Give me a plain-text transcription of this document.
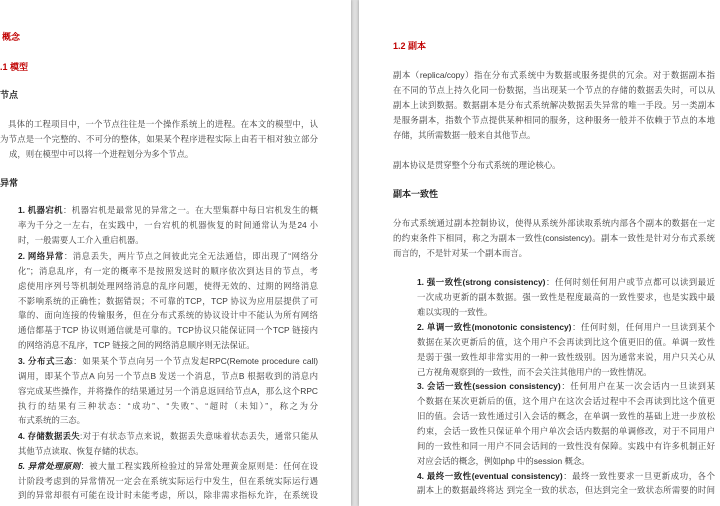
概念
.1 模型
节点
具体的工程项目中，一个节点往往是一个操作系统上的进程。在本文的模型中，认
为节点是一个完整的、不可分的整体，如果某个程序进程实际上由若干相对独立部分
成，则在模型中可以将一个进程划分为多个节点。
异常
1. 机器宕机：机器宕机是最常见的异常之一。在大型集群中每日宕机发生的概
率为千分之一左右，在实践中，一台宕机的机器恢复的时间通常认为是24 小
时，一般需要人工介入重启机器。
2. 网络异常：消息丢失，两片节点之间彼此完全无法通信，即出现了“网络分
化”；消息乱序，有一定的概率不是按照发送时的顺序依次到达目的节点，考
虑使用序列号等机制处理网络消息的乱序问题，使得无效的、过期的网络消息
不影响系统的正确性；数据错误；不可靠的TCP，TCP 协议为应用层提供了可
靠的、面向连接的传输服务，但在分布式系统的协议设计中不能认为所有网络
通信都基于TCP 协议则通信就是可靠的。TCP协议只能保证同一个TCP 链接内
的网络消息不乱序，TCP 链接之间的网络消息顺序则无法保证。
3. 分布式三态：如果某个节点向另一个节点发起RPC(Remote procedure call)
调用，即某个节点A 向另一个节点B 发送一个消息，节点B 根据收到的消息内
容完成某些操作，并将操作的结果通过另一个消息返回给节点A，那么这个RPC
执行的结果有三种状态：“成功”、“失败”、“超时（未知）”，称之为分
布式系统的三态。
4. 存储数据丢失:对于有状态节点来说，数据丢失意味着状态丢失，通常只能从
其他节点读取、恢复存储的状态。
5. 异常处理原则：被大量工程实践所检验过的异常处理黄金原则是：任何在设
计阶段考虑到的异常情况一定会在系统实际运行中发生，但在系统实际运行遇
到的异常却很有可能在设计时未能考虑，所以，除非需求指标允许，在系统设
1.2 副本
副本（replica/copy）指在分布式系统中为数据或服务提供的冗余。对于数据副本指
在不同的节点上持久化同一份数据，当出现某一个节点的存储的数据丢失时，可以从
副本上读到数据。数据副本是分布式系统解决数据丢失异常的唯一手段。另一类副本
是服务副本，指数个节点提供某种相同的服务，这种服务一般并不依赖于节点的本地
存储，其所需数据一般来自其他节点。
副本协议是贯穿整个分布式系统的理论核心。
副本一致性
分布式系统通过副本控制协议，使得从系统外部读取系统内部各个副本的数据在一定
的约束条件下相同，称之为副本一致性(consistency)。副本一致性是针对分布式系统
而言的，不是针对某一个副本而言。
1. 强一致性(strong consistency)：任何时刻任何用户或节点都可以读到最近
一次成功更新的副本数据。强一致性是程度最高的一致性要求，也是实践中最
难以实现的一致性。
2. 单调一致性(monotonic consistency)：任何时刻，任何用户一旦读到某个
数据在某次更新后的值，这个用户不会再读到比这个值更旧的值。单调一致性
是弱于强一致性却非常实用的一种一致性级别。因为通常来说，用户只关心从
己方视角观察到的一致性，而不会关注其他用户的一致性情况。
3. 会话一致性(session consistency)：任何用户在某一次会话内一旦读到某
个数据在某次更新后的值，这个用户在这次会话过程中不会再读到比这个值更
旧的值。会话一致性通过引入会话的概念，在单调一致性的基础上进一步放松
约束，会话一致性只保证单个用户单次会话内数据的单调修改，对于不同用户
间的一致性和同一用户不同会话间的一致性没有保障。实践中有许多机制正好
对应会话的概念，例如php 中的session 概念。
4. 最终一致性(eventual consistency)：最终一致性要求一旦更新成功，各个
副本上的数据最终将达 到完全一致的状态，但达到完全一致状态所需要的时间
